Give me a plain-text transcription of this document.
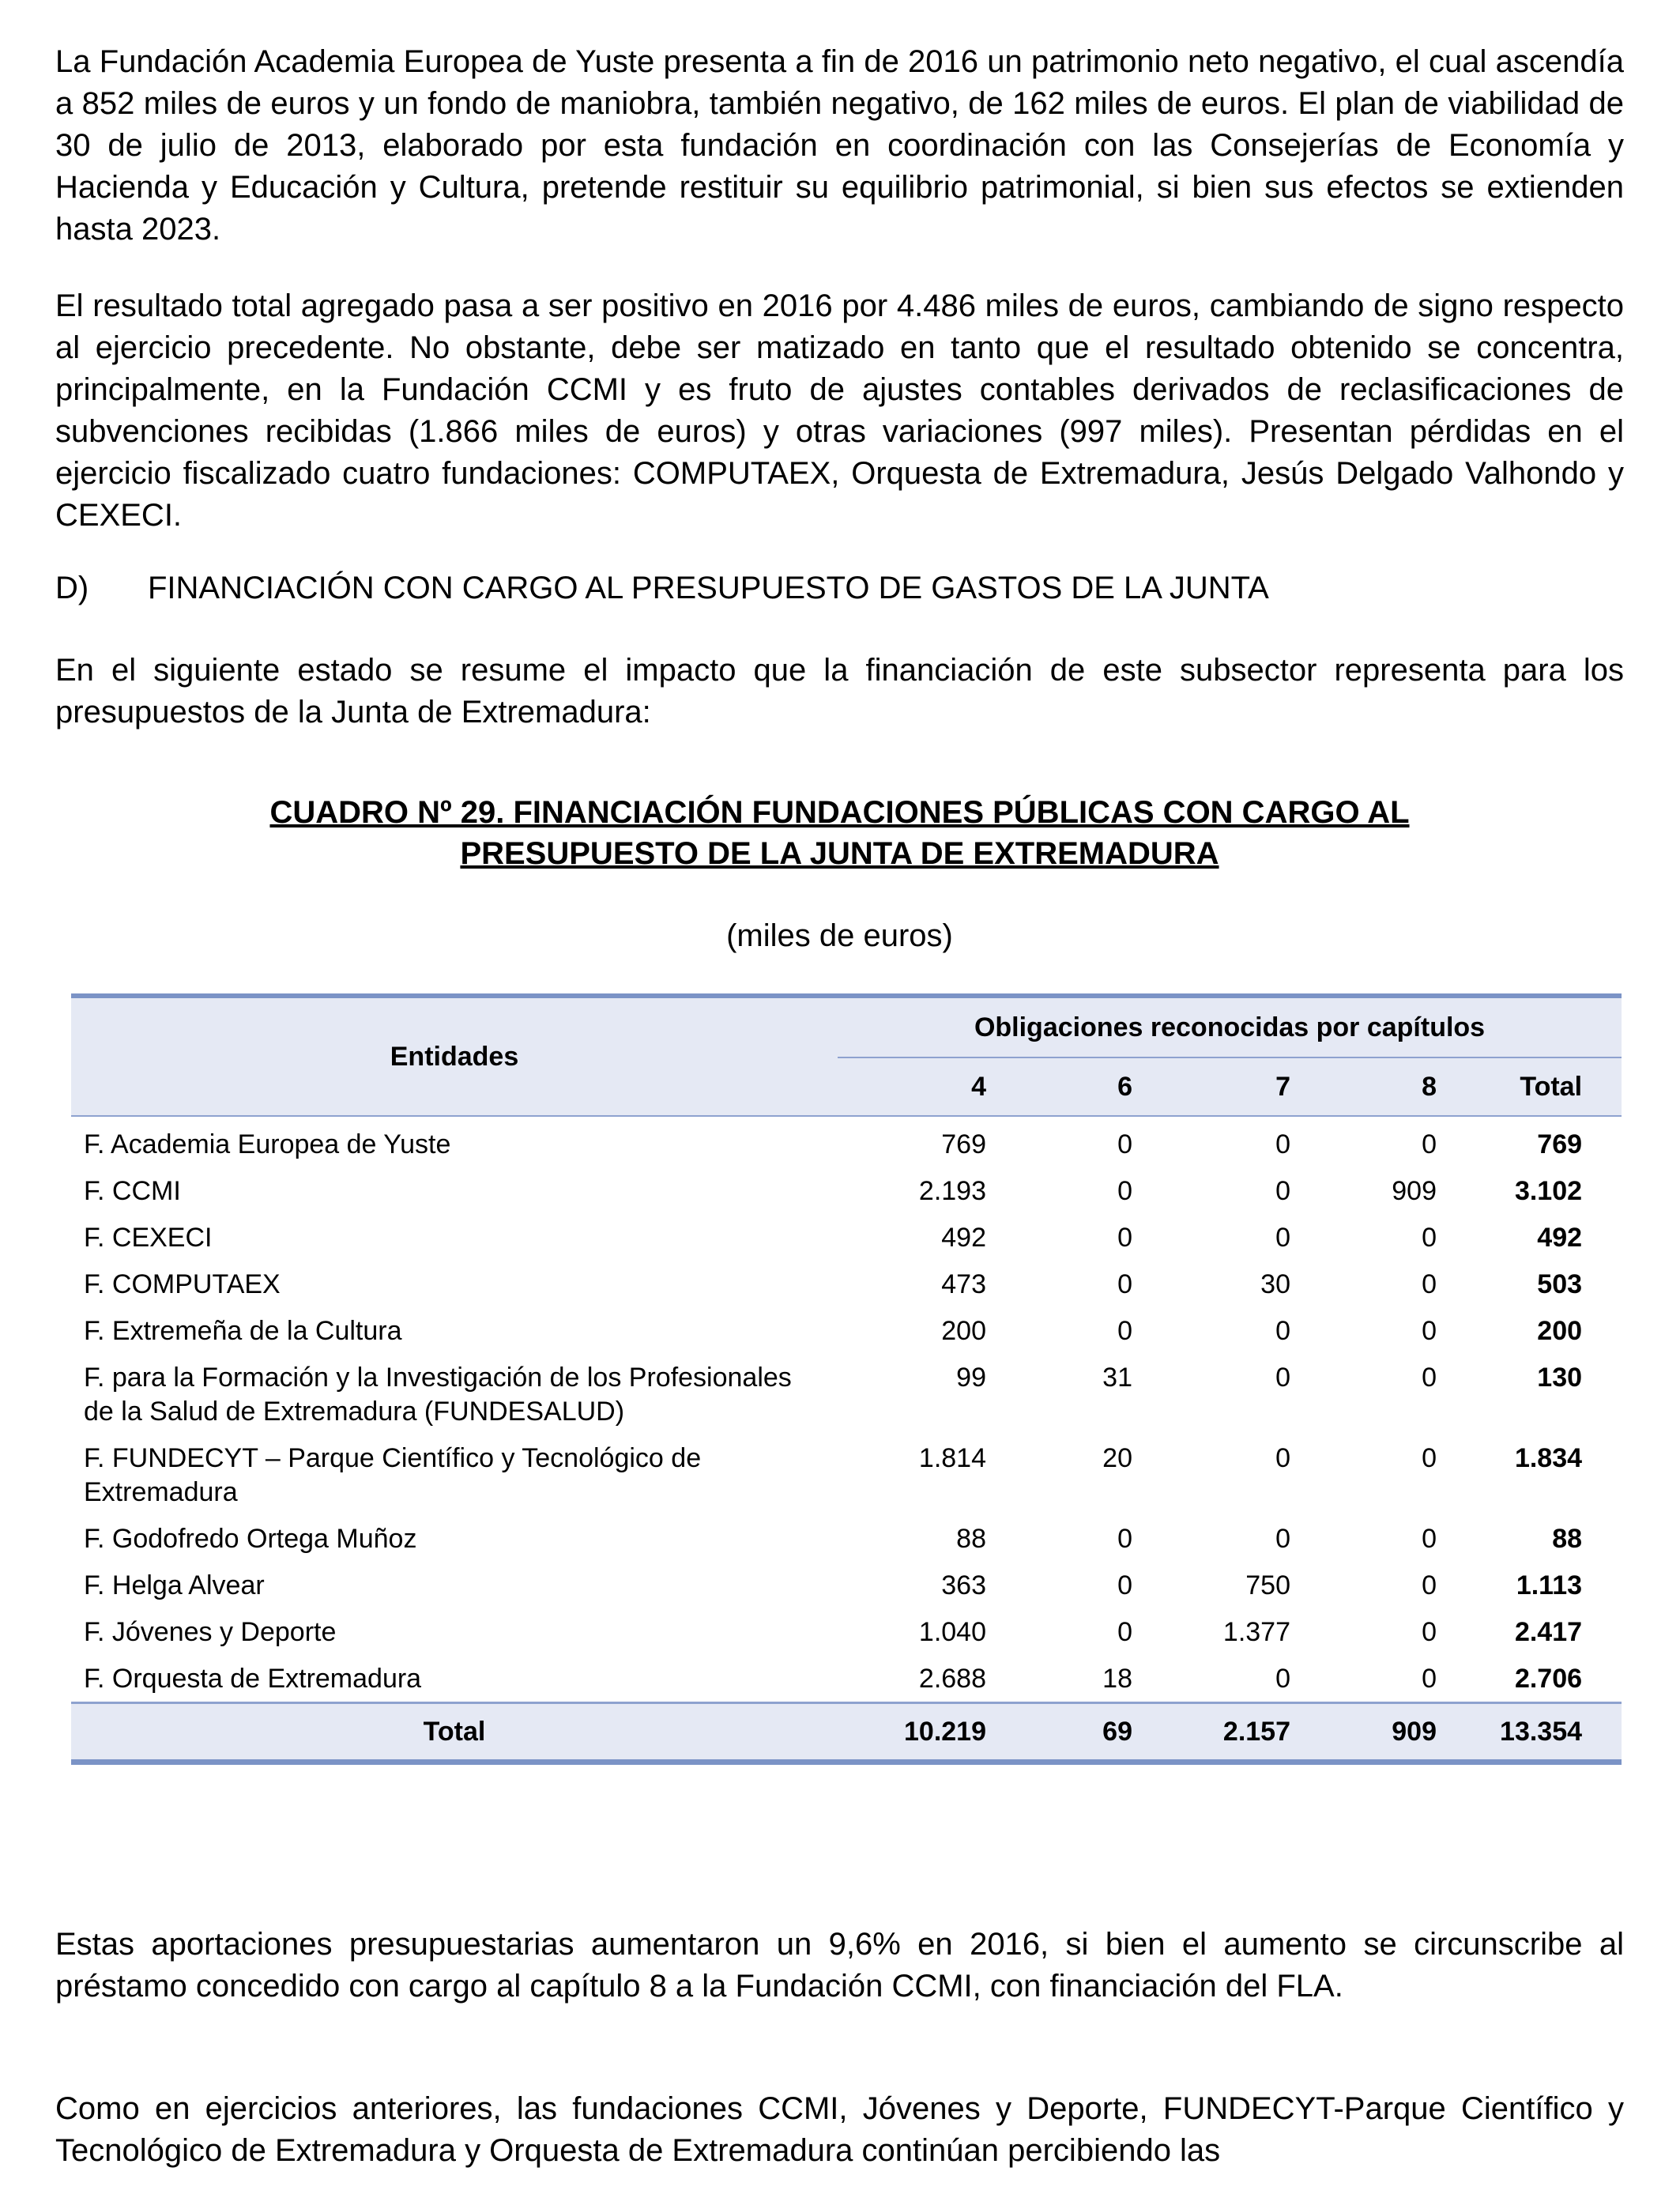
La Fundación Academia Europea de Yuste presenta a fin de 2016 un patrimonio neto negativo, el cual ascendía a 852 miles de euros y un fondo de maniobra, también negativo, de 162 miles de euros. El plan de viabilidad de 30 de julio de 2013, elaborado por esta fundación en coordinación con las Consejerías de Economía y Hacienda y Educación y Cultura, pretende restituir su equilibrio patrimonial, si bien sus efectos se extienden hasta 2023.

El resultado total agregado pasa a ser positivo en 2016 por 4.486 miles de euros, cambiando de signo respecto al ejercicio precedente. No obstante, debe ser matizado en tanto que el resultado obtenido se concentra, principalmente, en la Fundación CCMI y es fruto de ajustes contables derivados de reclasificaciones de subvenciones recibidas (1.866 miles de euros) y otras variaciones (997 miles). Presentan pérdidas en el ejercicio fiscalizado cuatro fundaciones: COMPUTAEX, Orquesta de Extremadura, Jesús Delgado Valhondo y CEXECI.

D) FINANCIACIÓN CON CARGO AL PRESUPUESTO DE GASTOS DE LA JUNTA

En el siguiente estado se resume el impacto que la financiación de este subsector representa para los presupuestos de la Junta de Extremadura:

CUADRO Nº 29. FINANCIACIÓN FUNDACIONES PÚBLICAS CON CARGO AL

PRESUPUESTO DE LA JUNTA DE EXTREMADURA

(miles de euros)

Entidades	Obligaciones reconocidas por capítulos				
	4	6	7	8	Total
F. Academia Europea de Yuste	769	0	0	0	769
F. CCMI	2.193	0	0	909	3.102
F. CEXECI	492	0	0	0	492
F. COMPUTAEX	473	0	30	0	503
F. Extremeña de la Cultura	200	0	0	0	200
F. para la Formación y la Investigación de los Profesionales de la Salud de Extremadura (FUNDESALUD)	99	31	0	0	130
F. FUNDECYT – Parque Científico y Tecnológico de Extremadura	1.814	20	0	0	1.834
F. Godofredo Ortega Muñoz	88	0	0	0	88
F. Helga Alvear	363	0	750	0	1.113
F. Jóvenes y Deporte	1.040	0	1.377	0	2.417
F. Orquesta de Extremadura	2.688	18	0	0	2.706
Total	10.219	69	2.157	909	13.354

Estas aportaciones presupuestarias aumentaron un 9,6% en 2016, si bien el aumento se circunscribe al préstamo concedido con cargo al capítulo 8 a la Fundación CCMI, con financiación del FLA.

Como en ejercicios anteriores, las fundaciones CCMI, Jóvenes y Deporte, FUNDECYT-Parque Científico y Tecnológico de Extremadura y Orquesta de Extremadura continúan percibiendo las
